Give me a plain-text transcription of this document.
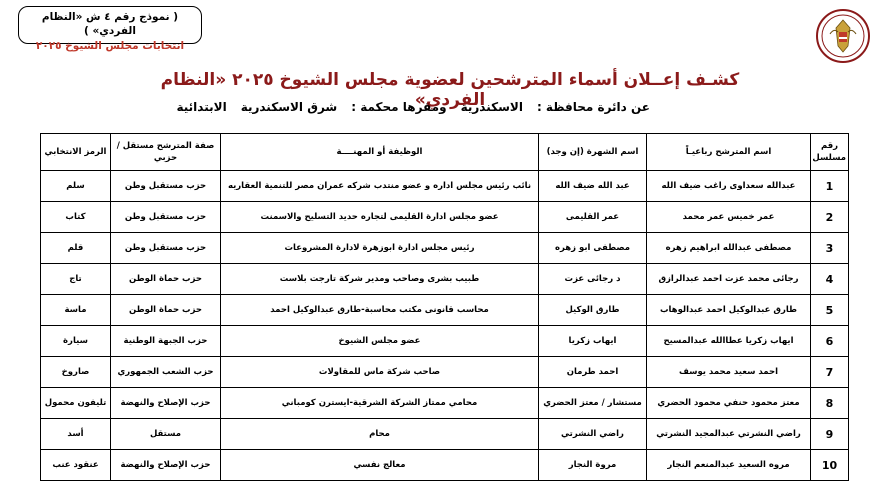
( نموذج رقم ٤ ش «النظام الفردي» )
انتخابات مجلس الشيوخ ٢٠٢٥
كشـف إعــلان أسماء المترشحين لعضوية مجلس الشيوخ ٢٠٢٥ «النظام الفردي»	عن دائرة محافظة :
الاسكندرية
ومقرها محكمة :
شرق الاسكندرية
الابتدائية
رقم مسلسل	اسم المترشح رباعيـاً	اسم الشهرة (إن وجد)	الوظيفة أو المهنــــة	صفة المترشح مستقل / حزبي	الرمز الانتخابي
1	عبدالله سعداوى راغب ضيف الله	عبد الله ضيف الله	نائب رئيس مجلس اداره و عضو منتدب شركه عمران مصر للتنمية العقاريه	حزب مستقبل وطن	سلم
2	عمر خميس عمر محمد	عمر القليمى	عضو مجلس ادارة القليمى لتجاره حديد التسليح والاسمنت	حزب مستقبل وطن	كتاب
3	مصطفى عبدالله ابراهيم زهره	مصطفى ابو زهره	رئيس مجلس ادارة ابوزهرة لادارة المشروعات	حزب مستقبل وطن	قلم
4	رجائى محمد عزت احمد عبدالرازق	د رجائى عزت	طبيب بشرى وصاحب ومدير شركة تارجت بلاست	حزب حماة الوطن	تاج
5	طارق عبدالوكيل احمد عبدالوهاب	طارق الوكيل	محاسب قانونى مكتب محاسبة-طارق عبدالوكيل احمد	حزب حماة الوطن	ماسة
6	ايهاب زكريا عطاالله عبدالمسيح	ايهاب زكريا	عضو مجلس الشيوخ	حزب الجبهة الوطنية	سيارة
7	احمد سعيد محمد يوسف	احمد طرمان	صاحب شركة ماس للمقاولات	حزب الشعب الجمهوري	صاروخ
8	معتز محمود حنفي محمود الحضري	مستشار / معتز الحضري	محامي ممتاز الشركة الشرقية-ايسترن كومباني	حزب الإصلاح والنهضة	تليفون محمول
9	راضي النشرتي عبدالمجيد النشرتي	راضي النشرتي	محام	مستقل	أسد
10	مروه السعيد عبدالمنعم النجار	مروة النجار	معالج نفسي	حزب الإصلاح والنهضة	عنقود عنب
